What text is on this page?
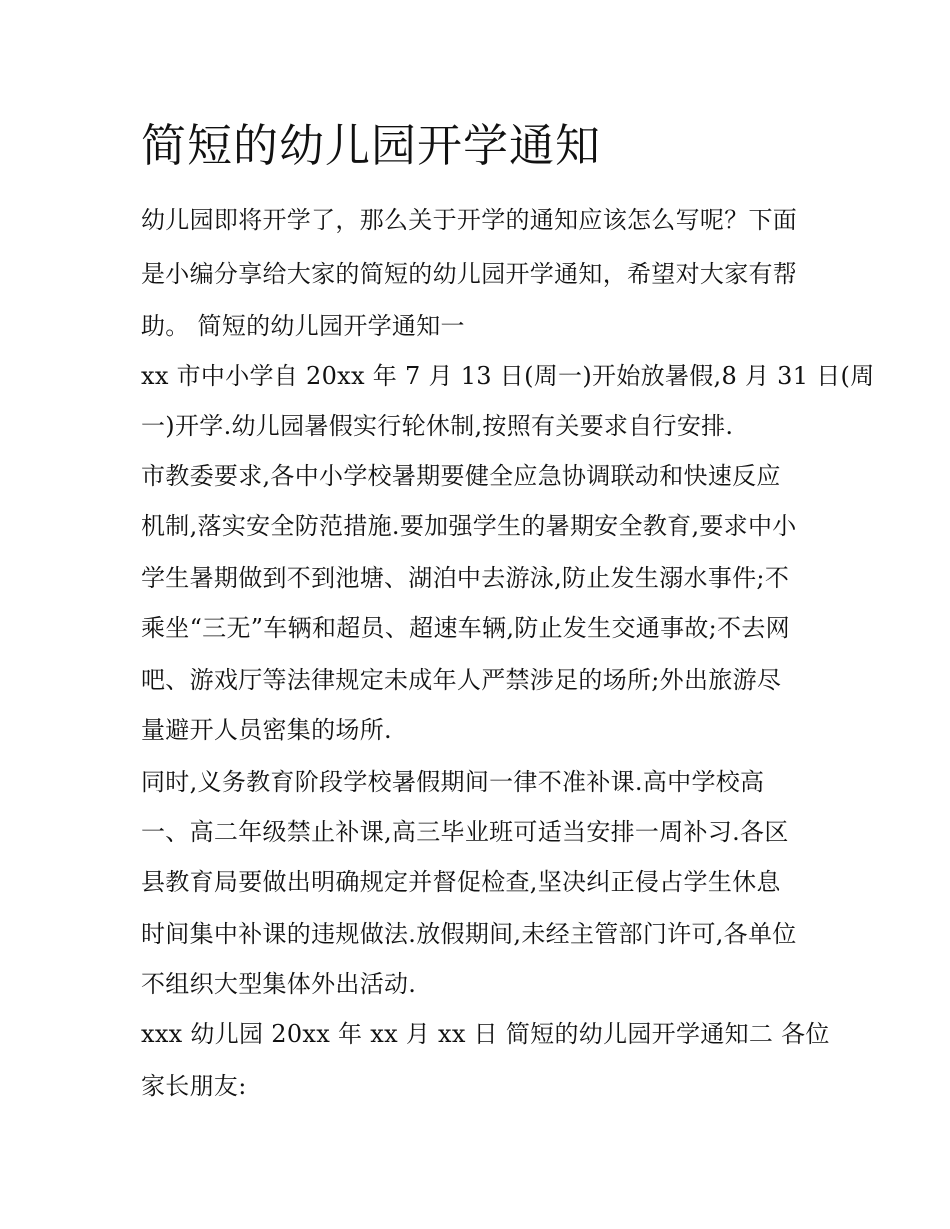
简短的幼儿园开学通知

幼儿园即将开学了，那么关于开学的通知应该怎么写呢？下面

是小编分享给大家的简短的幼儿园开学通知，希望对大家有帮

助。 简短的幼儿园开学通知一

xx 市中小学自 20xx 年 7 月 13 日(周一)开始放暑假,8 月 31 日(周

一)开学.幼儿园暑假实行轮休制,按照有关要求自行安排.

市教委要求,各中小学校暑期要健全应急协调联动和快速反应

机制,落实安全防范措施.要加强学生的暑期安全教育,要求中小

学生暑期做到不到池塘、湖泊中去游泳,防止发生溺水事件;不

乘坐“三无”车辆和超员、超速车辆,防止发生交通事故;不去网

吧、游戏厅等法律规定未成年人严禁涉足的场所;外出旅游尽

量避开人员密集的场所.

同时,义务教育阶段学校暑假期间一律不准补课.高中学校高

一、高二年级禁止补课,高三毕业班可适当安排一周补习.各区

县教育局要做出明确规定并督促检查,坚决纠正侵占学生休息

时间集中补课的违规做法.放假期间,未经主管部门许可,各单位

不组织大型集体外出活动.

xxx 幼儿园 20xx 年 xx 月 xx 日 简短的幼儿园开学通知二 各位

家长朋友:
